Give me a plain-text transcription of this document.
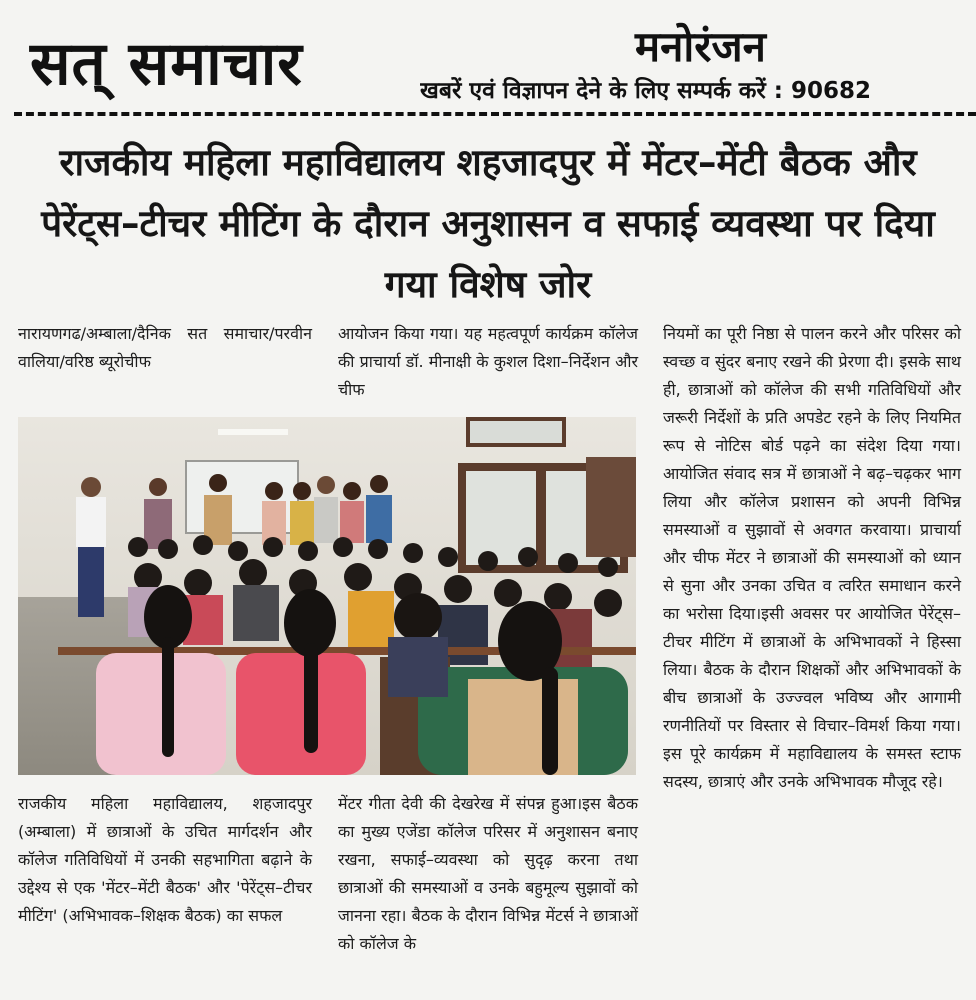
सत् समाचार	मनोरंजन
खबरें एवं विज्ञापन देने के लिए सम्पर्क करें : 90682
राजकीय महिला महाविद्यालय शहजादपुर में मेंटर–मेंटी बैठक और पेरेंट्स–टीचर मीटिंग के दौरान अनुशासन व सफाई व्यवस्था पर दिया गया विशेष जोर

नारायणगढ/अम्बाला/दैनिक सत समाचार/परवीन वालिया/वरिष्ठ ब्यूरोचीफ

आयोजन किया गया। यह महत्वपूर्ण कार्यक्रम कॉलेज की प्राचार्या डॉ. मीनाक्षी के कुशल दिशा–निर्देशन और चीफ

राजकीय महिला महाविद्यालय, शहजादपुर (अम्बाला) में छात्राओं के उचित मार्गदर्शन और कॉलेज गतिविधियों में उनकी सहभागिता बढ़ाने के उद्देश्य से एक 'मेंटर–मेंटी बैठक' और 'पेरेंट्स–टीचर मीटिंग' (अभिभावक–शिक्षक बैठक) का सफल

मेंटर गीता देवी की देखरेख में संपन्न हुआ।इस बैठक का मुख्य एजेंडा कॉलेज परिसर में अनुशासन बनाए रखना, सफाई–व्यवस्था को सुदृढ़ करना तथा छात्राओं की समस्याओं व उनके बहुमूल्य सुझावों को जानना रहा। बैठक के दौरान विभिन्न मेंटर्स ने छात्राओं को कॉलेज के

नियमों का पूरी निष्ठा से पालन करने और परिसर को स्वच्छ व सुंदर बनाए रखने की प्रेरणा दी। इसके साथ ही, छात्राओं को कॉलेज की सभी गतिविधियों और जरूरी निर्देशों के प्रति अपडेट रहने के लिए नियमित रूप से नोटिस बोर्ड पढ़ने का संदेश दिया गया।आयोजित संवाद सत्र में छात्राओं ने बढ़–चढ़कर भाग लिया और कॉलेज प्रशासन को अपनी विभिन्न समस्याओं व सुझावों से अवगत करवाया। प्राचार्या और चीफ मेंटर ने छात्राओं की समस्याओं को ध्यान से सुना और उनका उचित व त्वरित समाधान करने का भरोसा दिया।इसी अवसर पर आयोजित पेरेंट्स–टीचर मीटिंग में छात्राओं के अभिभावकों ने हिस्सा लिया। बैठक के दौरान शिक्षकों और अभिभावकों के बीच छात्राओं के उज्ज्वल भविष्य और आगामी रणनीतियों पर विस्तार से विचार–विमर्श किया गया। इस पूरे कार्यक्रम में महाविद्यालय के समस्त स्टाफ सदस्य, छात्राएं और उनके अभिभावक मौजूद रहे।
